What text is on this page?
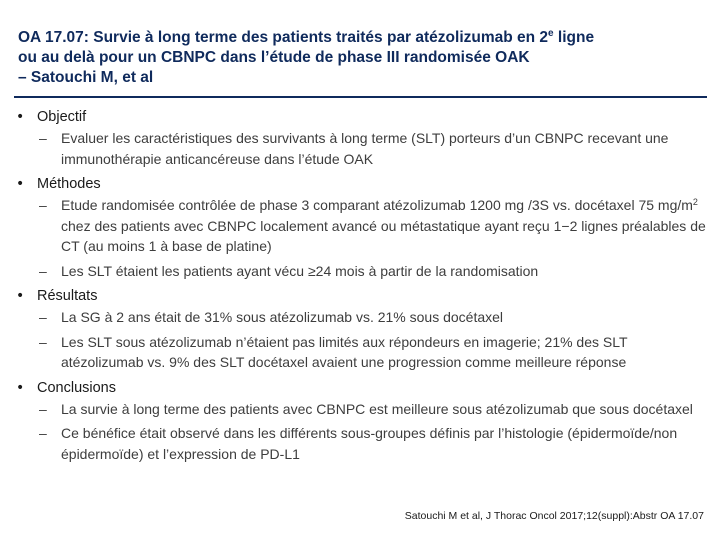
OA 17.07: Survie à long terme des patients traités par atézolizumab en 2e ligne
ou au delà pour un CBNPC dans l’étude de phase III randomisée OAK
– Satouchi M, et al
• Objectif
– Evaluer les caractéristiques des survivants à long terme (SLT) porteurs d’un CBNPC recevant une immunothérapie anticancéreuse dans l’étude OAK
• Méthodes
– Etude randomisée contrôlée de phase 3 comparant atézolizumab 1200 mg /3S vs. docétaxel 75 $mg/m^2$ chez des patients avec CBNPC localement avancé ou métastatique ayant reçu 1−2 lignes préalables de CT (au moins 1 à base de platine)
– Les SLT étaient les patients ayant vécu ≥24 mois à partir de la randomisation
• Résultats
– La SG à 2 ans était de 31% sous atézolizumab vs. 21% sous docétaxel
– Les SLT sous atézolizumab n’étaient pas limités aux répondeurs en imagerie; 21% des SLT atézolizumab vs. 9% des SLT docétaxel avaient une progression comme meilleure réponse
• Conclusions
– La survie à long terme des patients avec CBNPC est meilleure sous atézolizumab que sous docétaxel
– Ce bénéfice était observé dans les différents sous-groupes définis par l’histologie (épidermoïde/non épidermoïde) et l’expression de PD-L1
Satouchi M et al, J Thorac Oncol 2017;12(suppl):Abstr OA 17.07
